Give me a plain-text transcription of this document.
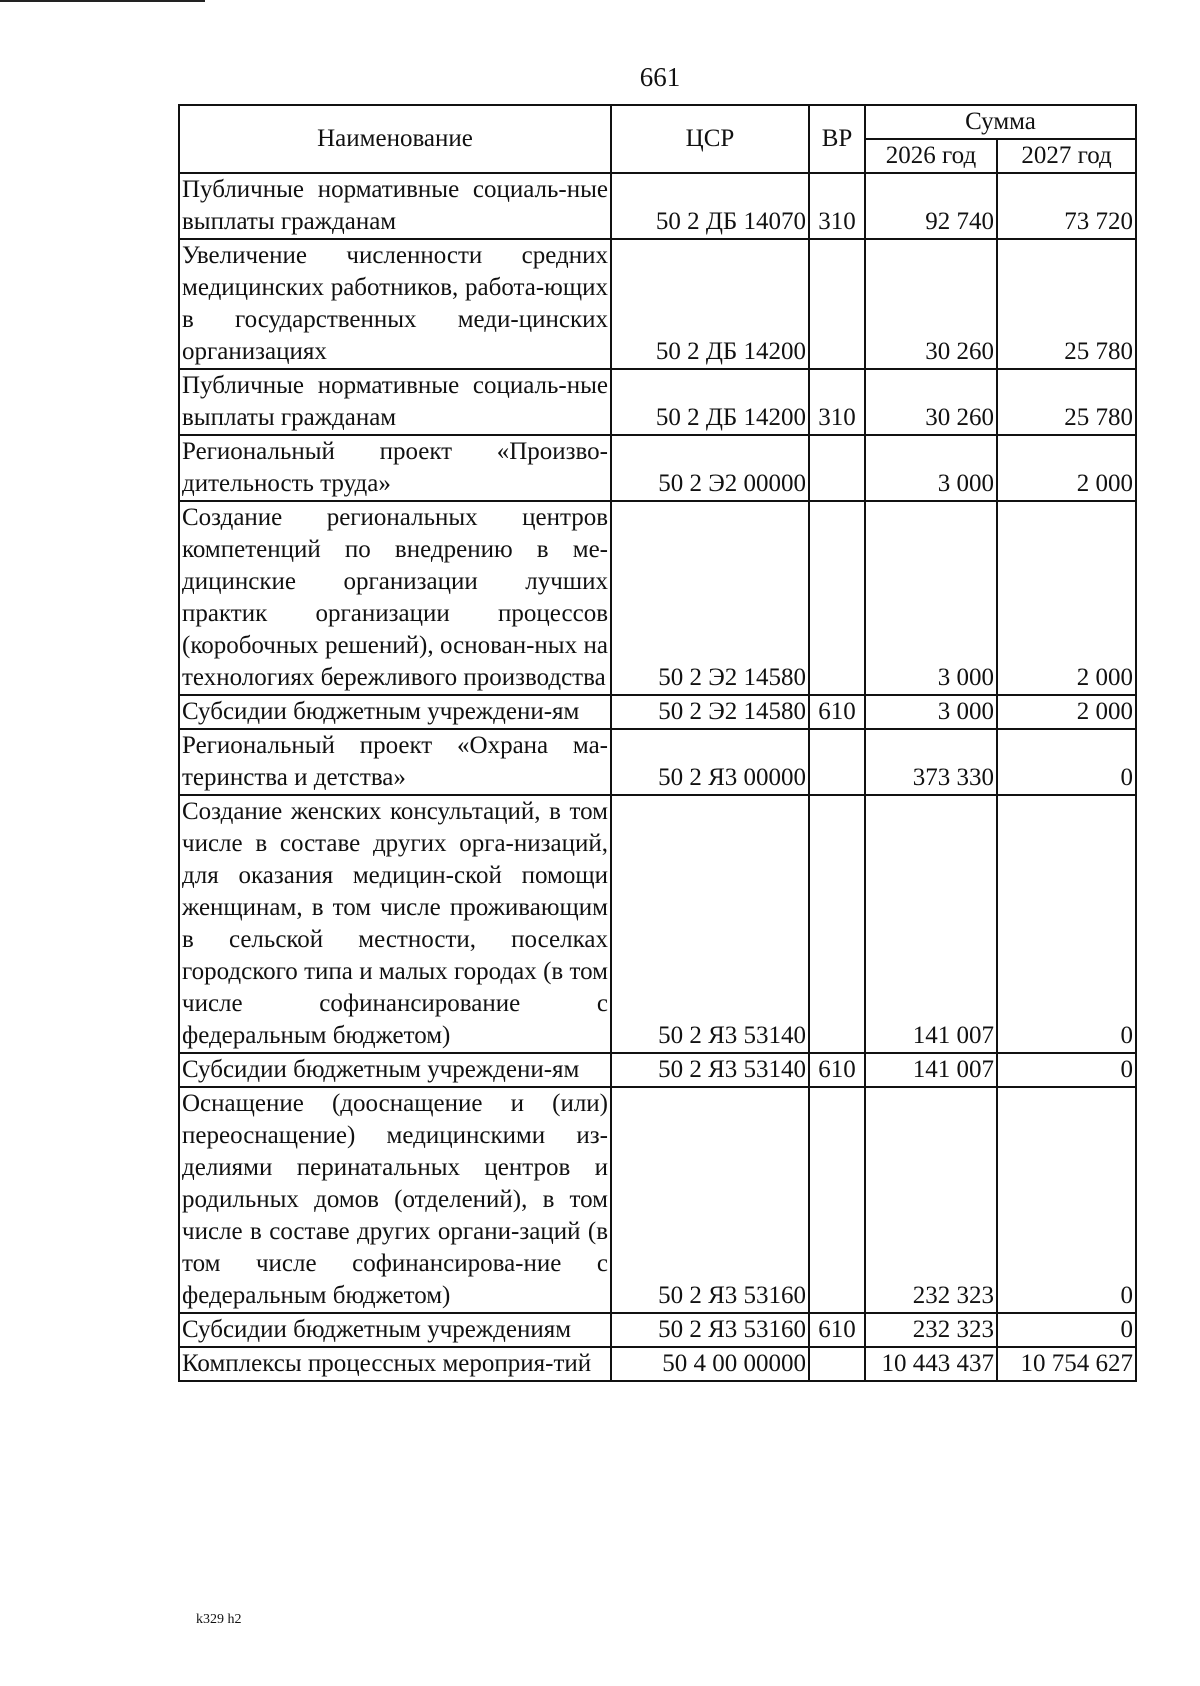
661
Наименование	ЦСР	ВР	Сумма	
			2026 год	2027 год
Публичные нормативные социаль-ные выплаты гражданам	50 2 ДБ 14070	310	92 740	73 720
Увеличение численности средних медицинских работников, работа-ющих в государственных меди-цинских организациях	50 2 ДБ 14200		30 260	25 780
Публичные нормативные социаль-ные выплаты гражданам	50 2 ДБ 14200	310	30 260	25 780
Региональный проект «Произво-дительность труда»	50 2 Э2 00000		3 000	2 000
Создание региональных центров компетенций по внедрению в ме-дицинские организации лучших практик организации процессов (коробочных решений), основан-ных на технологиях бережливого производства	50 2 Э2 14580		3 000	2 000
Субсидии бюджетным учреждени-ям	50 2 Э2 14580	610	3 000	2 000
Региональный проект «Охрана ма-теринства и детства»	50 2 Я3 00000		373 330	0
Создание женских консультаций, в том числе в составе других орга-низаций, для оказания медицин-ской помощи женщинам, в том числе проживающим в сельской местности, поселках городского типа и малых городах (в том числе софинансирование с федеральным бюджетом)	50 2 Я3 53140		141 007	0
Субсидии бюджетным учреждени-ям	50 2 Я3 53140	610	141 007	0
Оснащение (дооснащение и (или) переоснащение) медицинскими из-делиями перинатальных центров и родильных домов (отделений), в том числе в составе других органи-заций (в том числе софинансирова-ние с федеральным бюджетом)	50 2 Я3 53160		232 323	0
Субсидии бюджетным учреждениям	50 2 Я3 53160	610	232 323	0
Комплексы процессных мероприя-тий	50 4 00 00000		10 443 437	10 754 627
k329 h2
